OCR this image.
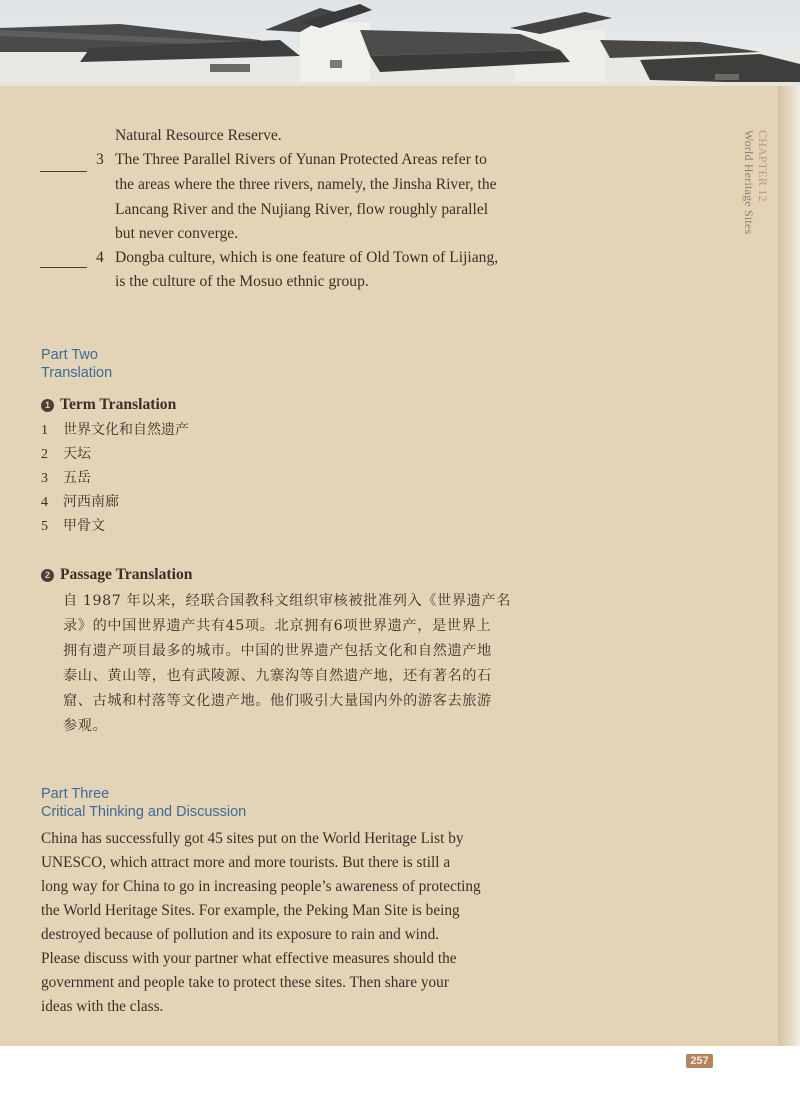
CHAPTER 12
World Heritage Sites
Natural Resource Reserve.
3 The Three Parallel Rivers of Yunan Protected Areas refer to
the areas where the three rivers, namely, the Jinsha River, the
Lancang River and the Nujiang River, flow roughly parallel
but never converge.
4 Dongba culture, which is one feature of Old Town of Lijiang,
is the culture of the Mosuo ethnic group.
Part Two
Translation
1 Term Translation
1 世界文化和自然遗产
2 天坛
3 五岳
4 河西南廊
5 甲骨文
2 Passage Translation
自 1987 年以来，经联合国教科文组织审核被批准列入《世界遗产名
录》的中国世界遗产共有45项。北京拥有6项世界遗产，是世界上
拥有遗产项目最多的城市。中国的世界遗产包括文化和自然遗产地
泰山、黄山等，也有武陵源、九寨沟等自然遗产地，还有著名的石
窟、古城和村落等文化遗产地。他们吸引大量国内外的游客去旅游
参观。
Part Three
Critical Thinking and Discussion
China has successfully got 45 sites put on the World Heritage List by
UNESCO, which attract more and more tourists. But there is still a
long way for China to go in increasing people’s awareness of protecting
the World Heritage Sites. For example, the Peking Man Site is being
destroyed because of pollution and its exposure to rain and wind.
Please discuss with your partner what effective measures should the
government and people take to protect these sites. Then share your
ideas with the class.
257
